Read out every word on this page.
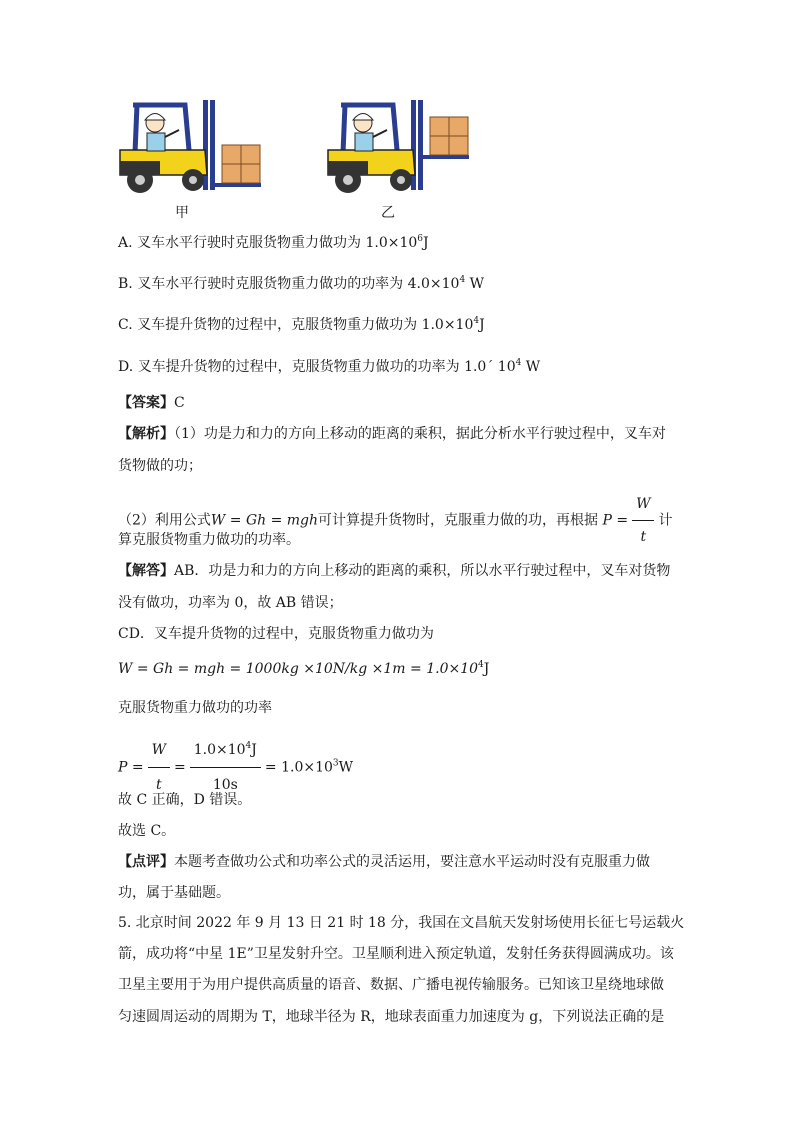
甲	乙
A. 叉车水平行驶时克服货物重力做功为 $1.0\times 10^6J$
B. 叉车水平行驶时克服货物重力做功的功率为 $4.0\times 10^4$ W
C. 叉车提升货物的过程中，克服货物重力做功为 $1.0\times 10^4J$
D. 叉车提升货物的过程中，克服货物重力做功的功率为 1.0´ $10^4$ W
【答案】C
【解析】（1）功是力和力的方向上移动的距离的乘积，据此分析水平行驶过程中，叉车对
货物做的功；
（2）利用公式W = Gh = mgh可计算提升货物时，克服重力做的功，再根据 $P = \frac{W}{t}$ 计
算克服货物重力做功的功率。
【解答】AB．功是力和力的方向上移动的距离的乘积，所以水平行驶过程中，叉车对货物
没有做功，功率为 0，故 AB 错误；
CD．叉车提升货物的过程中，克服货物重力做功为
W = Gh = mgh = $1000kg \times 10N/kg \times 1m = 1.0\times 10^4J$
克服货物重力做功的功率
$P = \frac{W}{t} = \frac{1.0\times 10^4J}{10s} = 1.0\times 10^3W$
故 C 正确，D 错误。
故选 C。
【点评】本题考查做功公式和功率公式的灵活运用，要注意水平运动时没有克服重力做
功，属于基础题。
5. 北京时间 2022 年 9 月 13 日 21 时 18 分，我国在文昌航天发射场使用长征七号运载火
箭，成功将“中星 1E”卫星发射升空。卫星顺利进入预定轨道，发射任务获得圆满成功。该
卫星主要用于为用户提供高质量的语音、数据、广播电视传输服务。已知该卫星绕地球做
匀速圆周运动的周期为 T，地球半径为 R，地球表面重力加速度为 g，下列说法正确的是
